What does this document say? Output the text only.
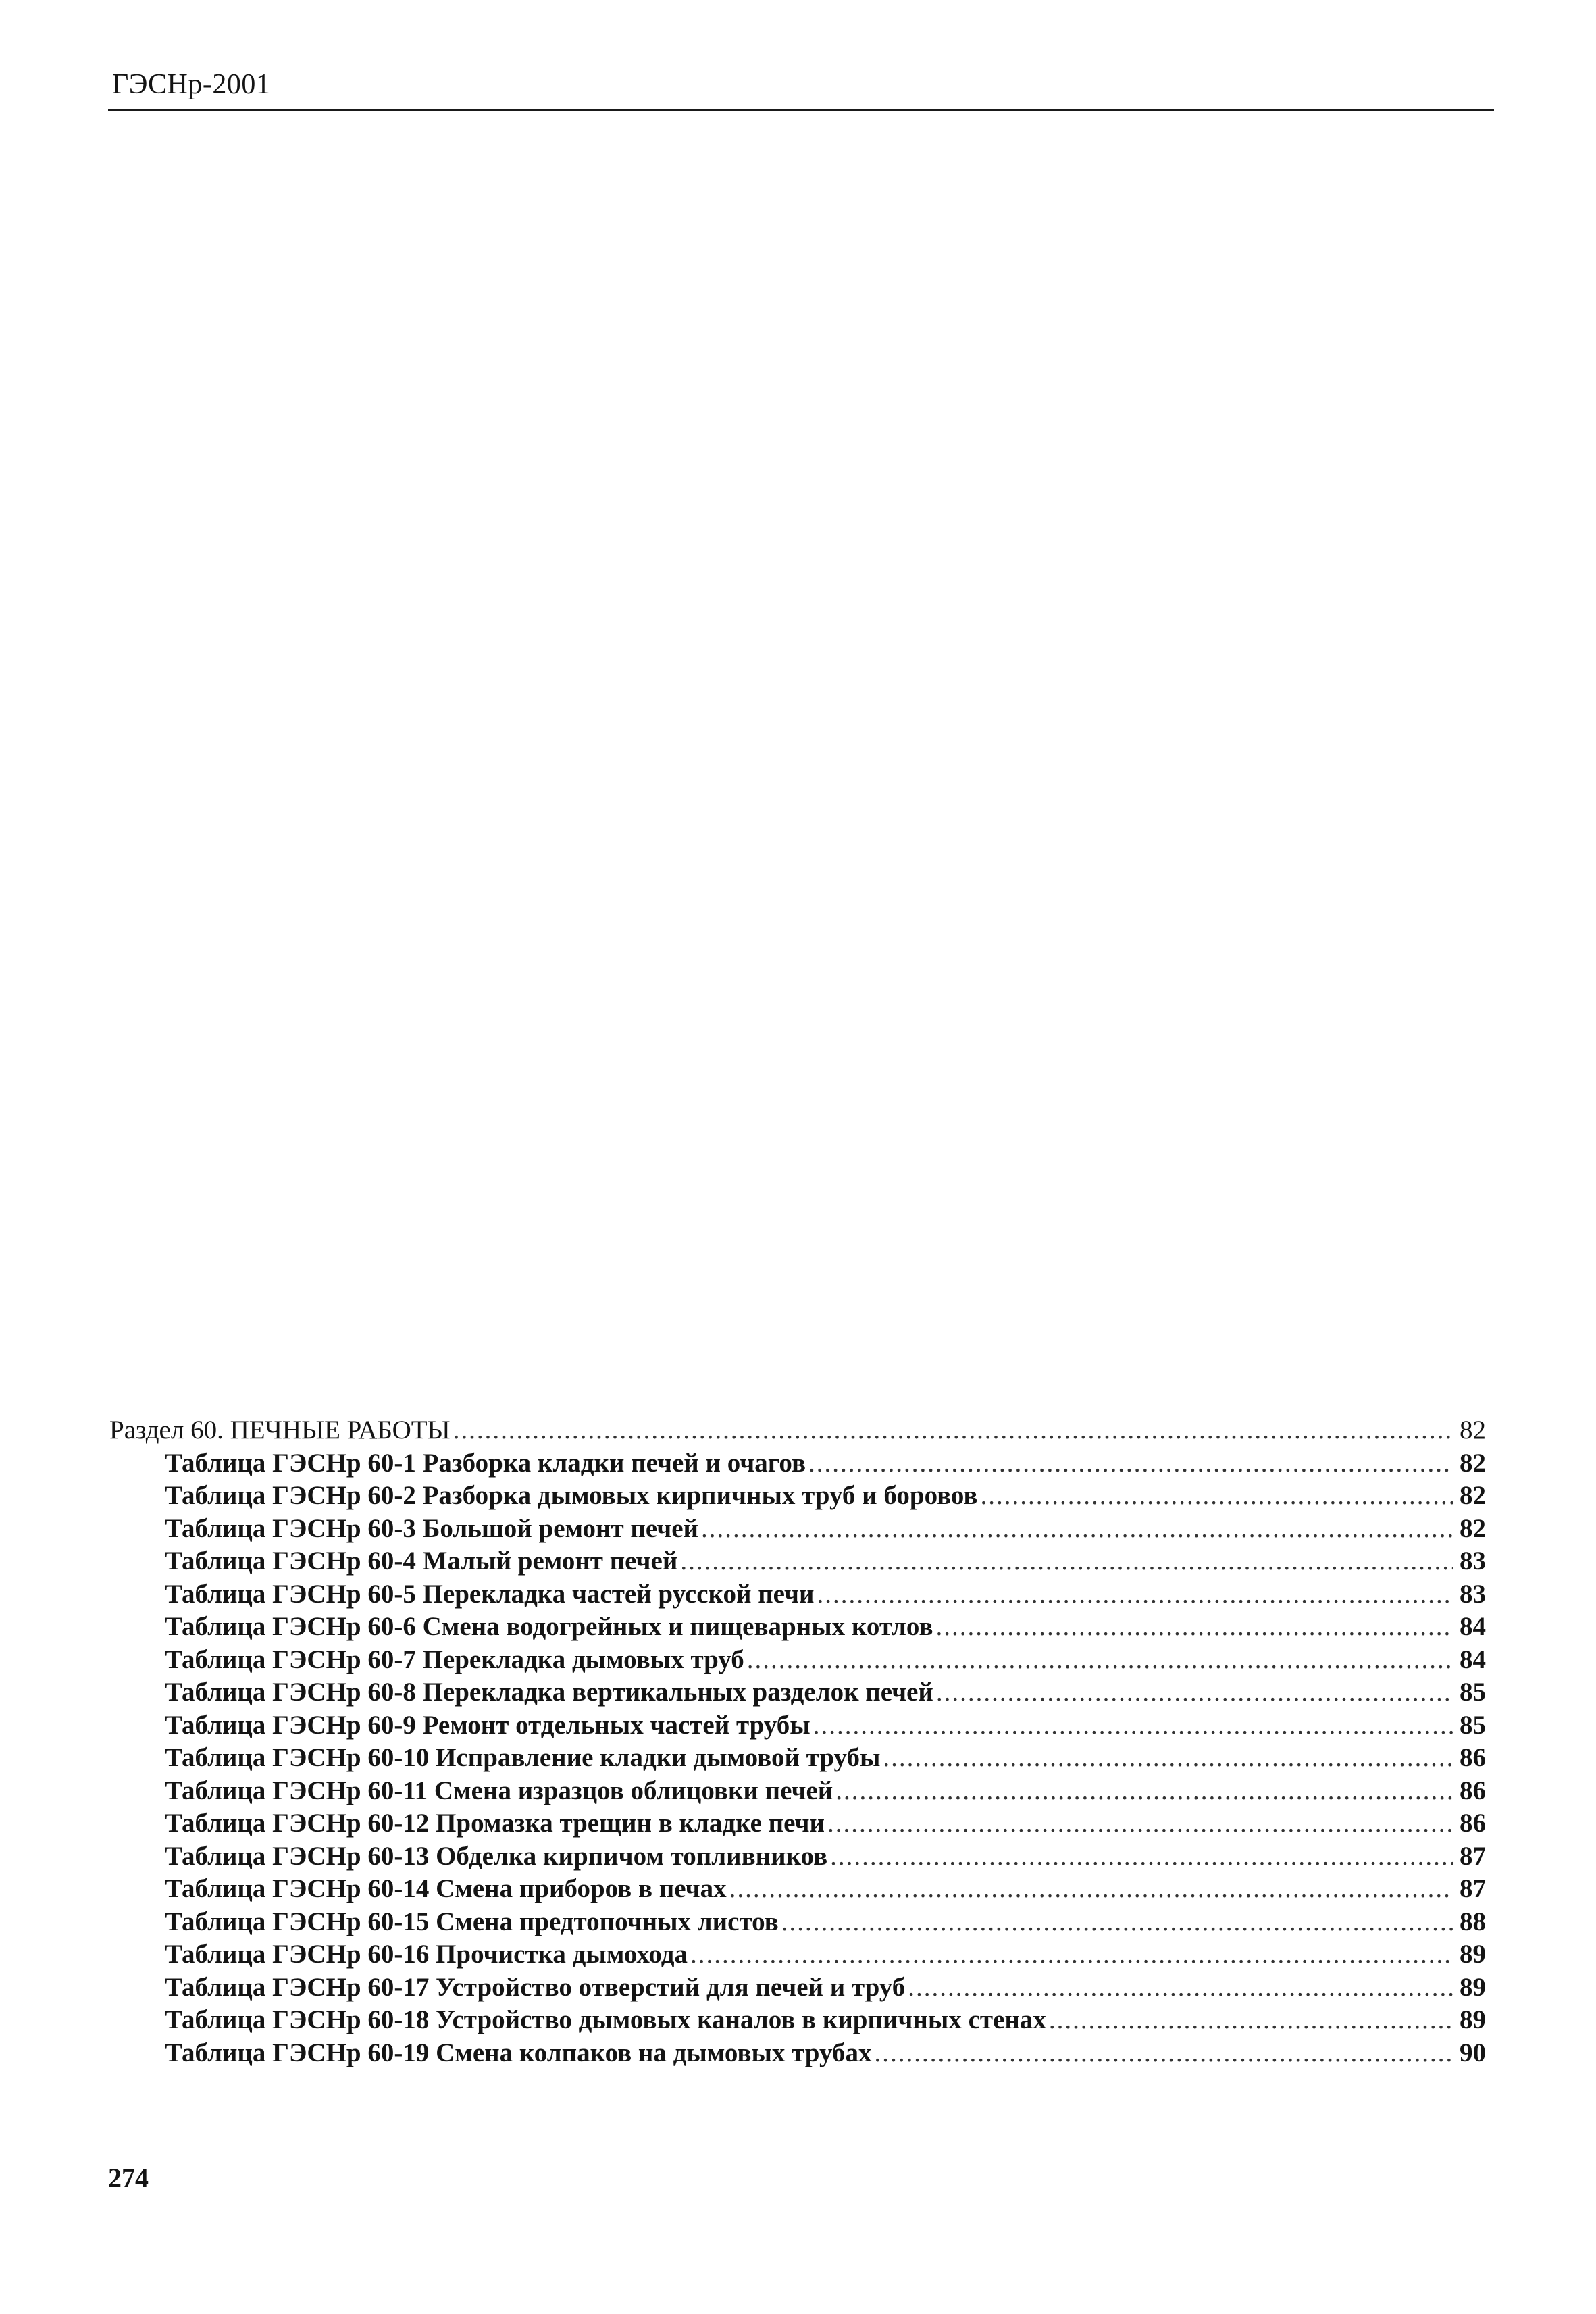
ГЭСНр-2001
Раздел 60. ПЕЧНЫЕ РАБОТЫ .....	82
Таблица ГЭСНр 60-1 Разборка кладки печей и очагов .....	82
Таблица ГЭСНр 60-2 Разборка дымовых кирпичных труб и боровов .....	82
Таблица ГЭСНр 60-3 Большой ремонт печей .....	82
Таблица ГЭСНр 60-4 Малый ремонт печей .....	83
Таблица ГЭСНр 60-5 Перекладка частей русской печи .....	83
Таблица ГЭСНр 60-6 Смена водогрейных и пищеварных котлов .....	84
Таблица ГЭСНр 60-7 Перекладка дымовых труб .....	84
Таблица ГЭСНр 60-8 Перекладка вертикальных разделок печей .....	85
Таблица ГЭСНр 60-9 Ремонт отдельных частей трубы .....	85
Таблица ГЭСНр 60-10 Исправление кладки дымовой трубы .....	86
Таблица ГЭСНр 60-11 Смена изразцов облицовки печей .....	86
Таблица ГЭСНр 60-12 Промазка трещин в кладке печи .....	86
Таблица ГЭСНр 60-13 Обделка кирпичом топливников .....	87
Таблица ГЭСНр 60-14 Смена приборов в печах .....	87
Таблица ГЭСНр 60-15 Смена предтопочных листов .....	88
Таблица ГЭСНр 60-16 Прочистка дымохода .....	89
Таблица ГЭСНр 60-17 Устройство отверстий для печей и труб .....	89
Таблица ГЭСНр 60-18 Устройство дымовых каналов в кирпичных стенах .....	89
Таблица ГЭСНр 60-19 Смена колпаков на дымовых трубах .....	90
274
